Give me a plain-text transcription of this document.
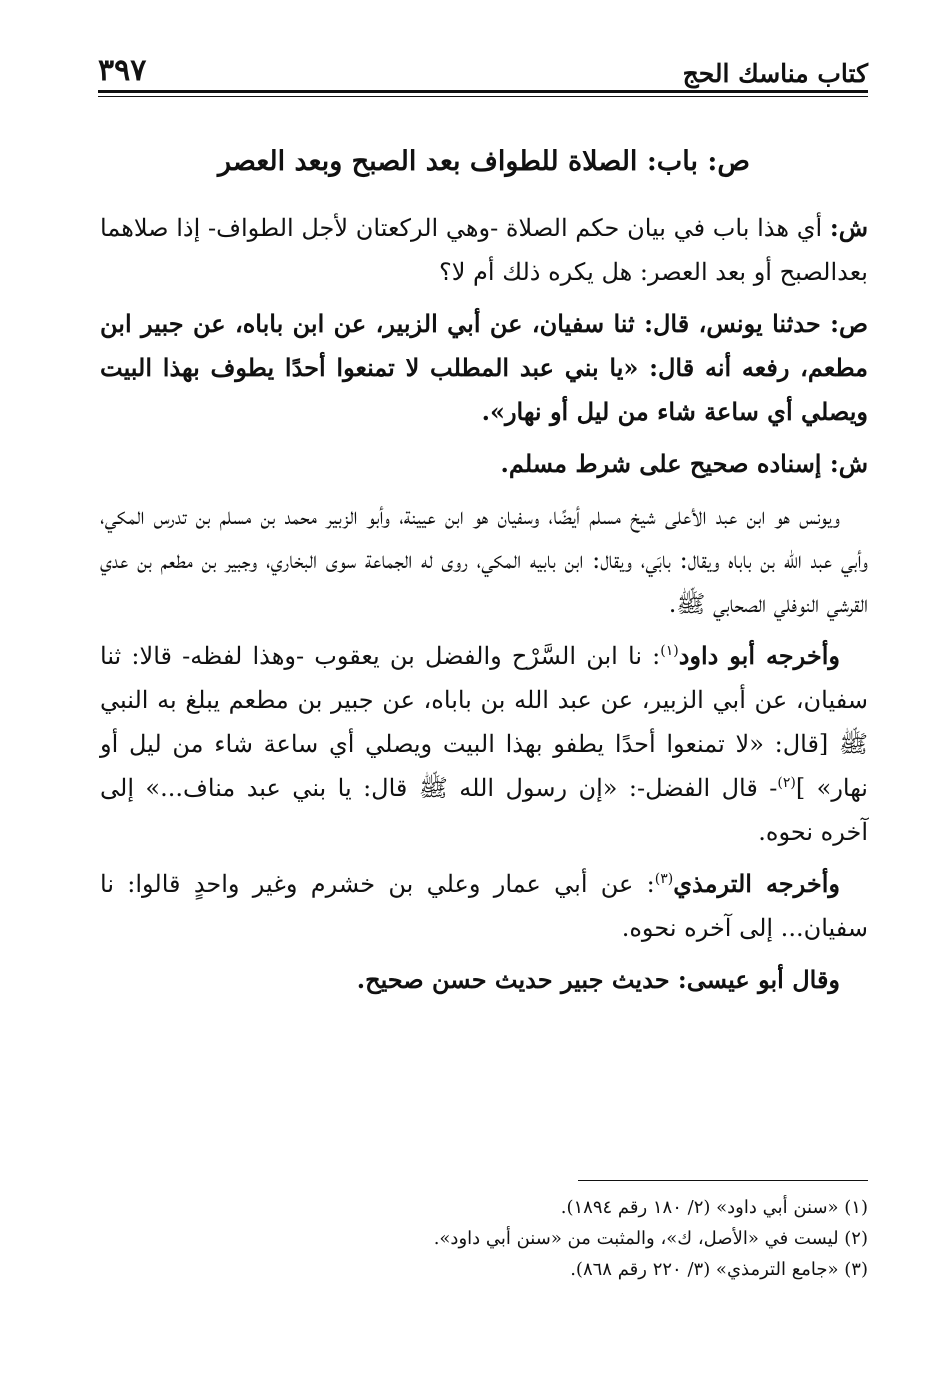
كتاب مناسك الحج
٣٩٧
ص: باب: الصلاة للطواف بعد الصبح وبعد العصر

ش: أي هذا باب في بيان حكم الصلاة -وهي الركعتان لأجل الطواف- إذا صلاهما بعدالصبح أو بعد العصر: هل يكره ذلك أم لا؟

ص: حدثنا يونس، قال: ثنا سفيان، عن أبي الزبير، عن ابن باباه، عن جبير ابن مطعم، رفعه أنه قال: «يا بني عبد المطلب لا تمنعوا أحدًا يطوف بهذا البيت ويصلي أي ساعة شاء من ليل أو نهار».

ش: إسناده صحيح على شرط مسلم.

ويونس هو ابن عبد الأعلى شيخ مسلم أيضًا، وسفيان هو ابن عيينة، وأبو الزبير محمد بن مسلم بن تدرس المكي، وأبي عبد الله بن باباه ويقال: بابَي، ويقال: ابن بابيه المكي، روى له الجماعة سوى البخاري، وجبير بن مطعم بن عدي القرشي النوفلي الصحابي ﷺ.

وأخرجه أبو داود$^{(١)}$: نا ابن السَّرْح والفضل بن يعقوب -وهذا لفظه- قالا: ثنا سفيان، عن أبي الزبير، عن عبد الله بن باباه، عن جبير بن مطعم يبلغ به النبي ﷺ [قال: «لا تمنعوا أحدًا يطفو بهذا البيت ويصلي أي ساعة شاء من ليل أو نهار» ]$^{(٢)}$- قال الفضل-: «إن رسول الله ﷺ قال: يا بني عبد مناف...» إلى آخره نحوه.

وأخرجه الترمذي$^{(٣)}$: عن أبي عمار وعلي بن خشرم وغير واحدٍ قالوا: نا سفيان... إلى آخره نحوه.

وقال أبو عيسى: حديث جبير حديث حسن صحيح.

(١) «سنن أبي داود» (٢/ ١٨٠ رقم ١٨٩٤).

(٢) ليست في «الأصل، ك»، والمثبت من «سنن أبي داود».

(٣) «جامع الترمذي» (٣/ ٢٢٠ رقم ٨٦٨).
